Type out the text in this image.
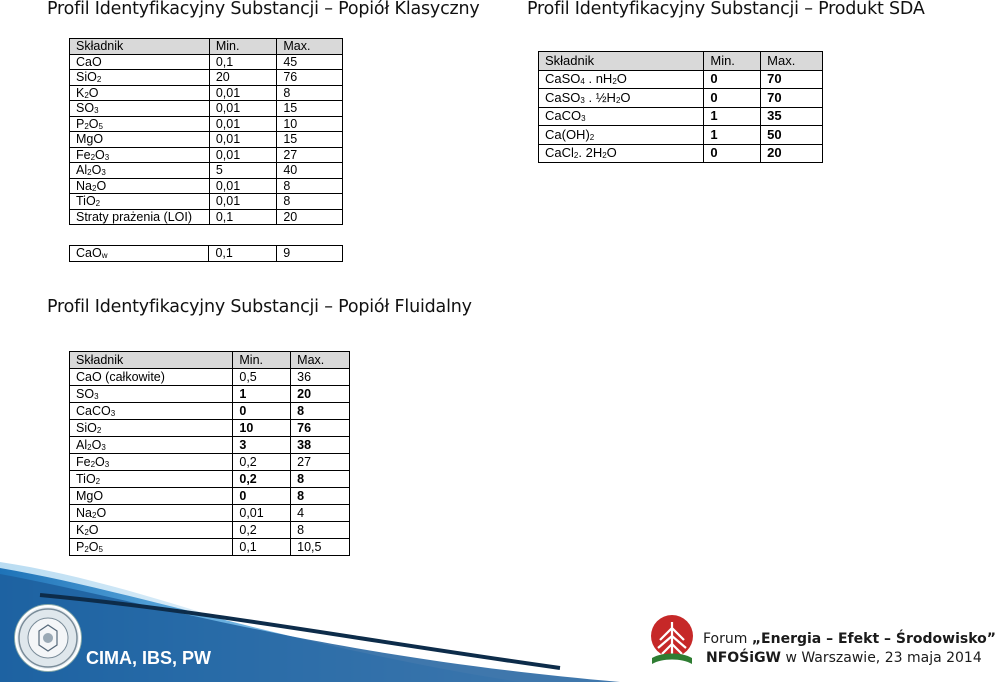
Profil Identyfikacyjny Substancji – Popiół Klasyczny	Profil Identyfikacyjny Substancji – Produkt SDA
Profil Identyfikacyjny Substancji – Popiół Fluidalny
Składnik	Min.	Max.
CaO	0,1	45
SiO$_2$	20	76
$K_2O$	0,01	8
$SO_3$	0,01	15
$P_2O_5$	0,01	10
MgO	0,01	15
$Fe_2O_3$	0,01	27
$Al_2O_3$	5	40
$Na_2O$	0,01	8
TiO$_2$	0,01	8
Straty prażenia (LOI)	0,1	20
CaO$_w$	0,1	9
Składnik	Min.	Max.
CaSO$_4$ . $nH_2O$	0	70
CaSO$_3$ . $\frac{1}{2}H_2O$	0	70
CaCO$_3$	1	35
$Ca(OH)_2$	1	50
CaCl$_2$. $2H_2O$	0	20
Składnik	Min.	Max.
CaO (całkowite)	0,5	36
$SO_3$	1	20
CaCO$_3$	0	8
SiO$_2$	10	76
$Al_2O_3$	3	38
$Fe_2O_3$	0,2	27
TiO$_2$	0,2	8
MgO	0	8
$Na_2O$	0,01	4
$K_2O$	0,2	8
$P_2O_5$	0,1	10,5
CIMA, IBS, PW
Forum „Energia – Efekt – Środowisko”
NFOŚiGW w Warszawie, 23 maja 2014
